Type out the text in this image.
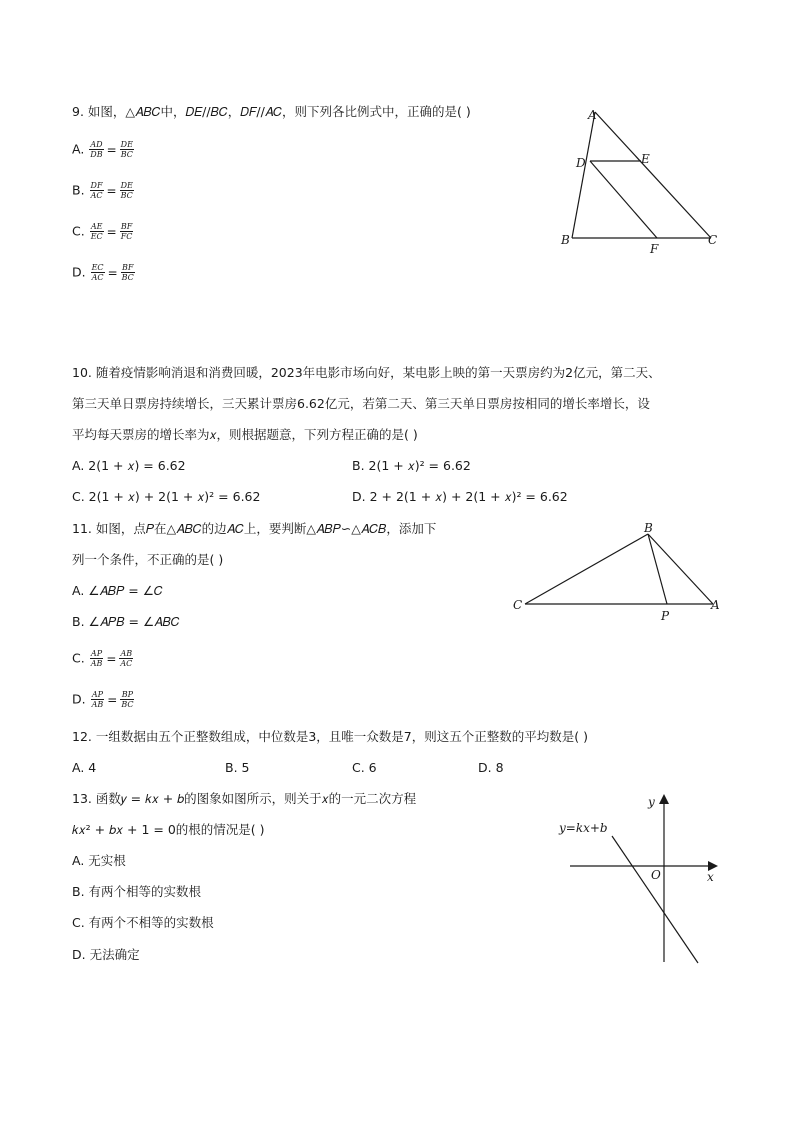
9. 如图，△𝐴𝐵𝐶中，𝐷𝐸//𝐵𝐶，𝐷𝐹//𝐴𝐶，则下列各比例式中，正确的是( )
A. $\frac{AD}{DB} = \frac{DE}{BC}$
B. $\frac{DF}{AC} = \frac{DE}{BC}$
C. $\frac{AE}{EC} = \frac{BF}{FC}$
D. $\frac{EC}{AC} = \frac{BF}{BC}$
A
D	E
B
F
C
10. 随着疫情影响消退和消费回暖，2023年电影市场向好，某电影上映的第一天票房约为2亿元，第二天、
第三天单日票房持续增长，三天累计票房6.62亿元，若第二天、第三天单日票房按相同的增长率增长，设
平均每天票房的增长率为𝑥，则根据题意，下列方程正确的是( )
A. 2(1 + 𝑥) = 6.62	B. 2(1 + 𝑥)² = 6.62
C. 2(1 + 𝑥) + 2(1 + 𝑥)² = 6.62	D. 2 + 2(1 + 𝑥) + 2(1 + 𝑥)² = 6.62
11. 如图，点𝑃在△𝐴𝐵𝐶的边𝐴𝐶上，要判断△𝐴𝐵𝑃∽△𝐴𝐶𝐵，添加下
列一个条件，不正确的是( )
A. ∠𝐴𝐵𝑃 = ∠𝐶
B. ∠𝐴𝑃𝐵 = ∠𝐴𝐵𝐶
C. $\frac{AP}{AB} = \frac{AB}{AC}$
D. $\frac{AP}{AB} = \frac{BP}{BC}$
B
C
P
A
12. 一组数据由五个正整数组成，中位数是3，且唯一众数是7，则这五个正整数的平均数是( )
A. 4	B. 5	C. 6	D. 8
13. 函数𝑦 = 𝑘𝑥 + 𝑏的图象如图所示，则关于𝑥的一元二次方程
𝑘𝑥² + 𝑏𝑥 + 1 = 0的根的情况是( )
A. 无实根
B. 有两个相等的实数根
C. 有两个不相等的实数根
D. 无法确定
y=kx+b
y
x
O
